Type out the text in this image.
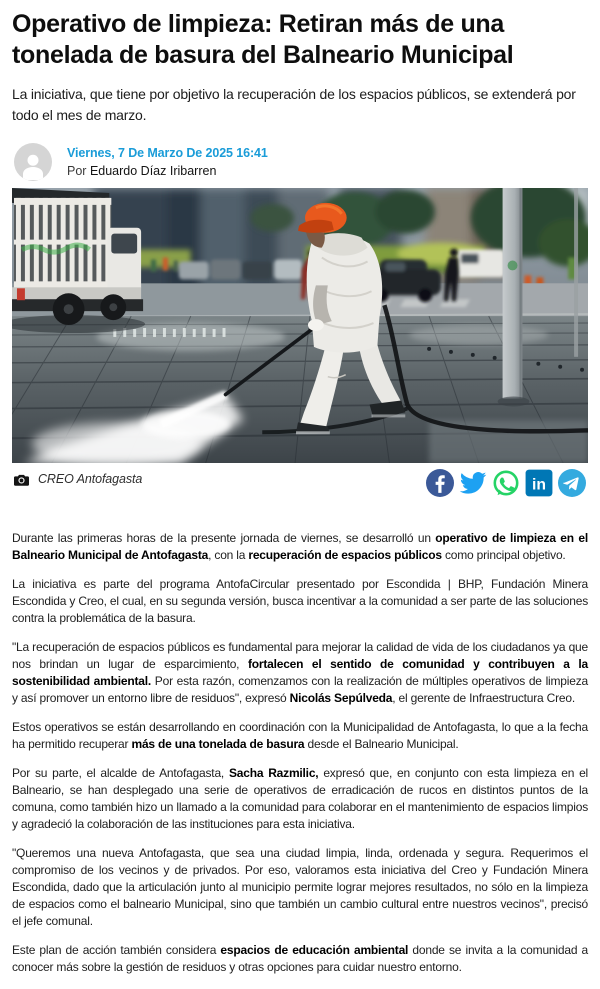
Operativo de limpieza: Retiran más de una tonelada de basura del Balneario Municipal

La iniciativa, que tiene por objetivo la recuperación de los espacios públicos, se extenderá por todo el mes de marzo.

Viernes, 7 De Marzo De 2025 16:41
Por Eduardo Díaz Iribarren
CREO Antofagasta	in

Durante las primeras horas de la presente jornada de viernes, se desarrolló un operativo de limpieza en el Balneario Municipal de Antofagasta, con la recuperación de espacios públicos como principal objetivo.

La iniciativa es parte del programa AntofaCircular presentado por Escondida | BHP, Fundación Minera Escondida y Creo, el cual, en su segunda versión, busca incentivar a la comunidad a ser parte de las soluciones contra la problemática de la basura.

"La recuperación de espacios públicos es fundamental para mejorar la calidad de vida de los ciudadanos ya que nos brindan un lugar de esparcimiento, fortalecen el sentido de comunidad y contribuyen a la sostenibilidad ambiental. Por esta razón, comenzamos con la realización de múltiples operativos de limpieza y así promover un entorno libre de residuos", expresó Nicolás Sepúlveda, el gerente de Infraestructura Creo.

Estos operativos se están desarrollando en coordinación con la Municipalidad de Antofagasta, lo que a la fecha ha permitido recuperar más de una tonelada de basura desde el Balneario Municipal.

Por su parte, el alcalde de Antofagasta, Sacha Razmilic, expresó que, en conjunto con esta limpieza en el Balneario, se han desplegado una serie de operativos de erradicación de rucos en distintos puntos de la comuna, como también hizo un llamado a la comunidad para colaborar en el mantenimiento de espacios limpios y agradeció la colaboración de las instituciones para esta iniciativa.

"Queremos una nueva Antofagasta, que sea una ciudad limpia, linda, ordenada y segura. Requerimos el compromiso de los vecinos y de privados. Por eso, valoramos esta iniciativa del Creo y Fundación Minera Escondida, dado que la articulación junto al municipio permite lograr mejores resultados, no sólo en la limpieza de espacios como el balneario Municipal, sino que también un cambio cultural entre nuestros vecinos", precisó el jefe comunal.

Este plan de acción también considera espacios de educación ambiental donde se invita a la comunidad a conocer más sobre la gestión de residuos y otras opciones para cuidar nuestro entorno.
